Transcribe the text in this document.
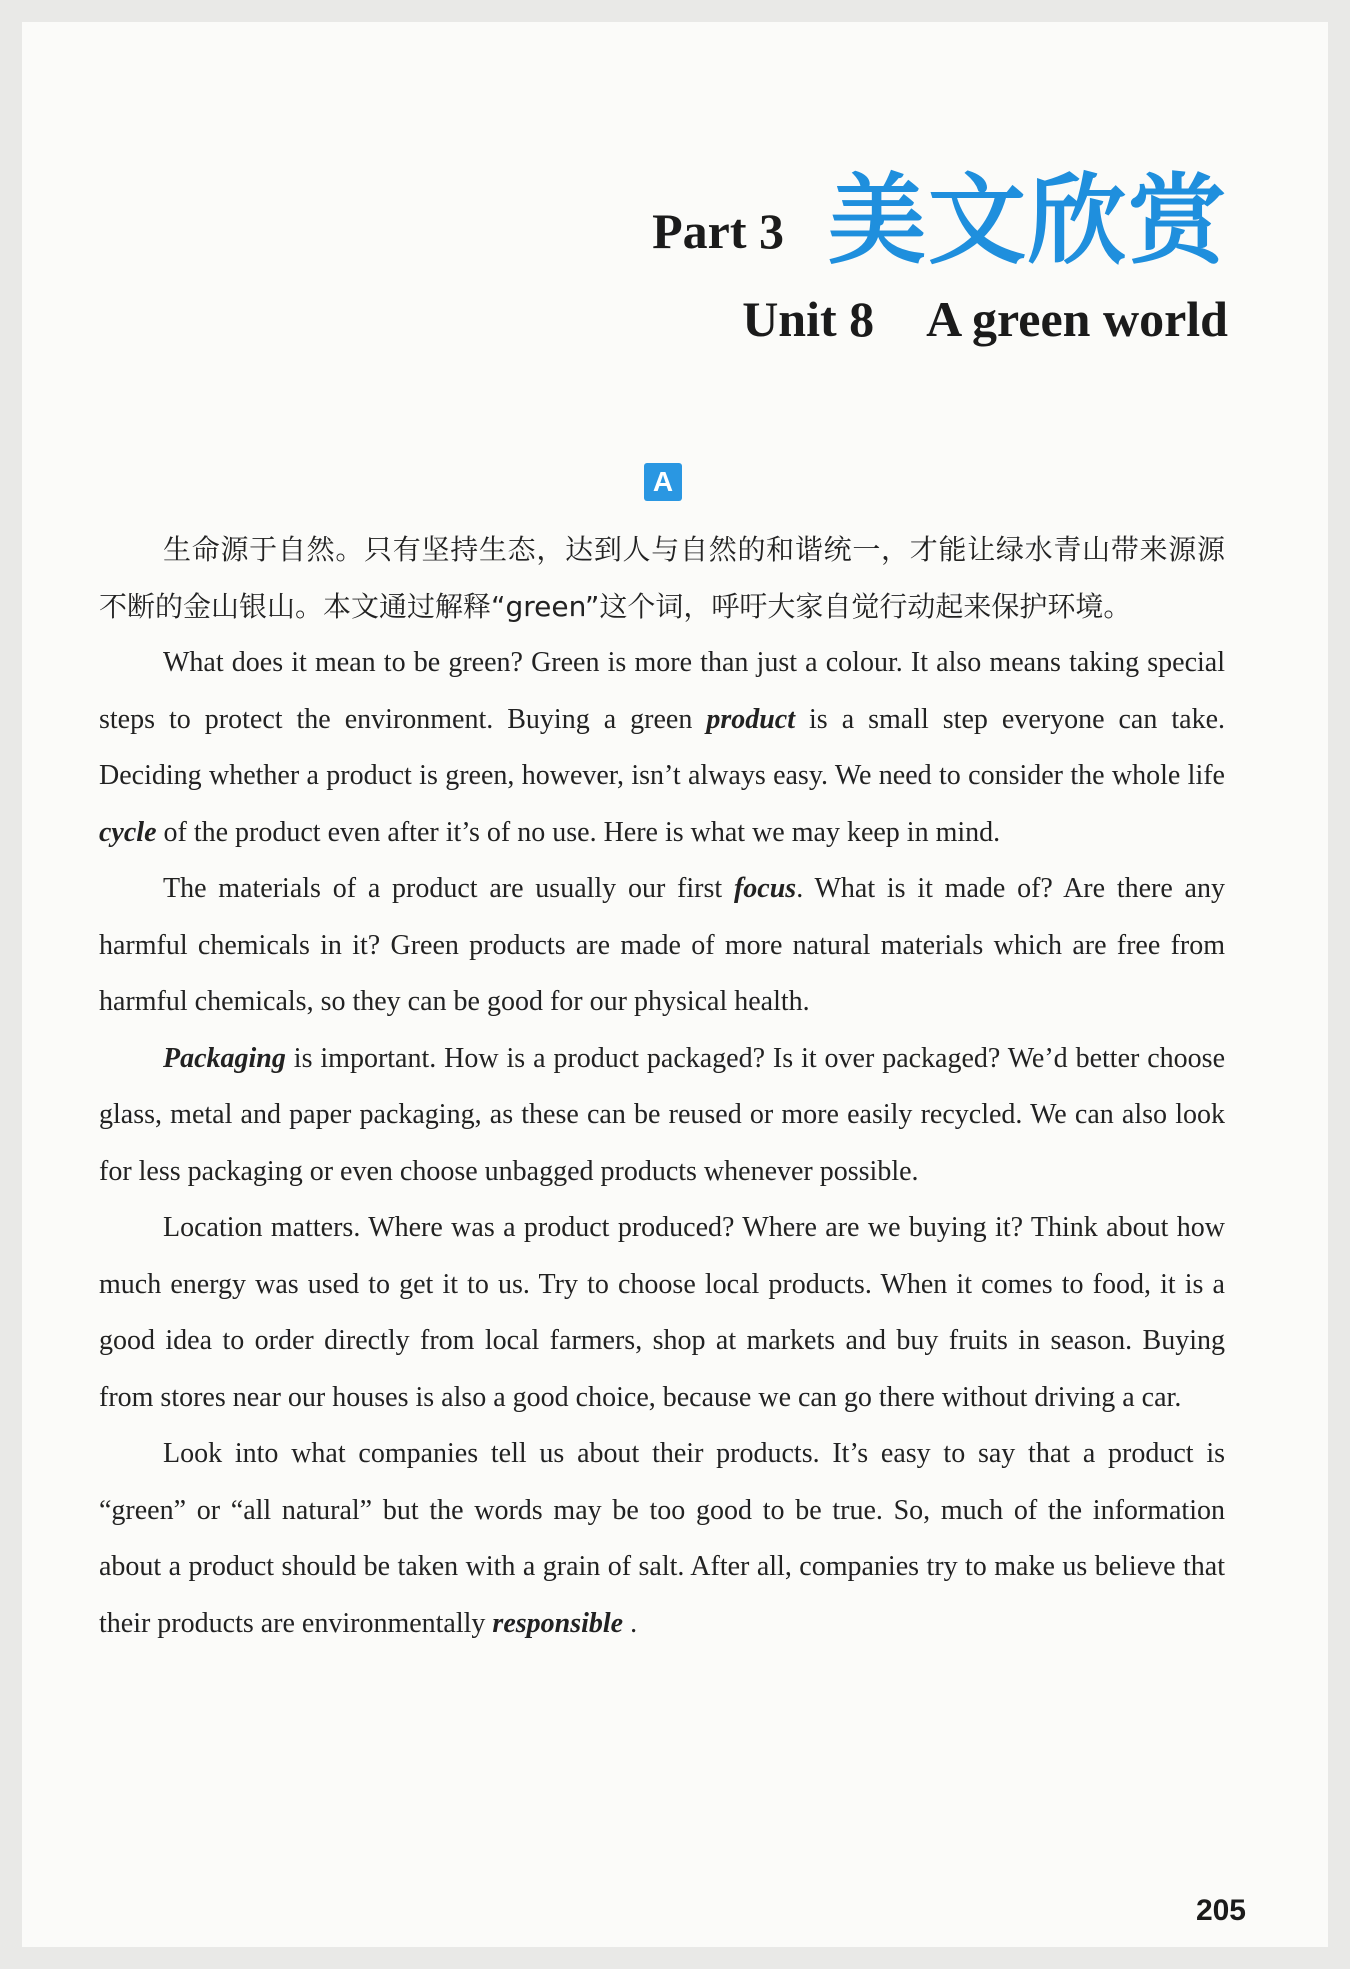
Part 3 美文欣赏
Unit 8 A green world
A

生命源于自然。只有坚持生态，达到人与自然的和谐统一，才能让绿水青山带来源源不断的金山银山。本文通过解释“green”这个词，呼吁大家自觉行动起来保护环境。

What does it mean to be green? Green is more than just a colour. It also means taking special steps to protect the environment. Buying a green product is a small step everyone can take. Deciding whether a product is green, however, isn’t always easy. We need to consider the whole life cycle of the product even after it’s of no use. Here is what we may keep in mind.

The materials of a product are usually our first focus. What is it made of? Are there any harmful chemicals in it? Green products are made of more natural materials which are free from harmful chemicals, so they can be good for our physical health.

Packaging is important. How is a product packaged? Is it over packaged? We’d better choose glass, metal and paper packaging, as these can be reused or more easily recycled. We can also look for less packaging or even choose unbagged products whenever possible.

Location matters. Where was a product produced? Where are we buying it? Think about how much energy was used to get it to us. Try to choose local products. When it comes to food, it is a good idea to order directly from local farmers, shop at markets and buy fruits in season. Buying from stores near our houses is also a good choice, because we can go there without driving a car.

Look into what companies tell us about their products. It’s easy to say that a product is “green” or “all natural” but the words may be too good to be true. So, much of the information about a product should be taken with a grain of salt. After all, companies try to make us believe that their products are environmentally responsible .

205
